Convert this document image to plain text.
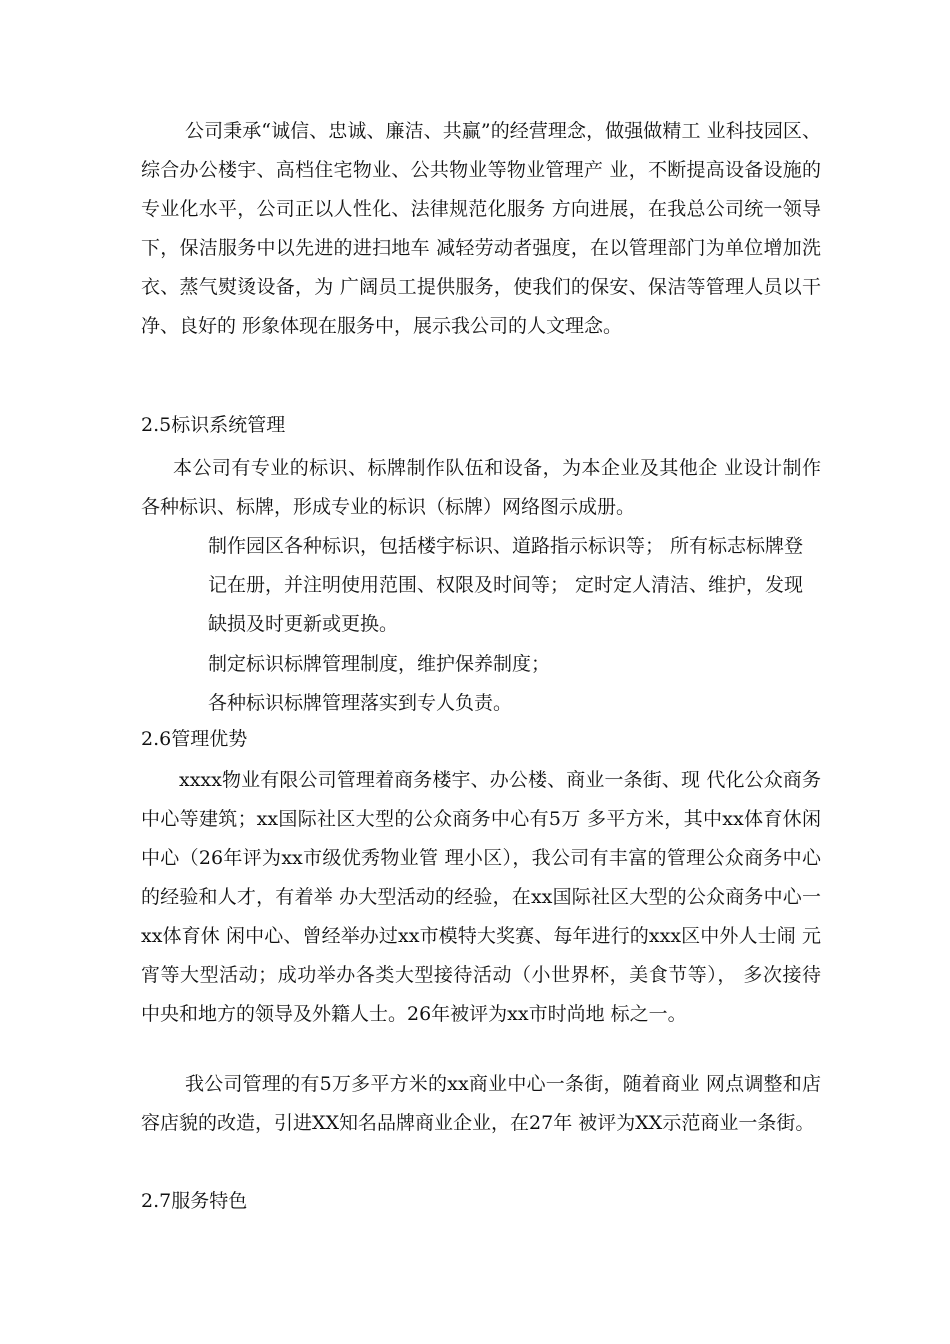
公司秉承“诚信、忠诚、廉洁、共赢”的经营理念，做强做精工 业科技园区、综合办公楼宇、高档住宅物业、公共物业等物业管理产 业，不断提高设备设施的专业化水平，公司正以人性化、法律规范化服务 方向进展，在我总公司统一领导下，保洁服务中以先进的进扫地车 减轻劳动者强度，在以管理部门为单位增加洗衣、蒸气熨烫设备，为 广阔员工提供服务，使我们的保安、保洁等管理人员以干净、良好的 形象体现在服务中，展示我公司的人文理念。

2.5标识系统管理

本公司有专业的标识、标牌制作队伍和设备，为本企业及其他企 业设计制作各种标识、标牌，形成专业的标识（标牌）网络图示成册。

制作园区各种标识，包括楼宇标识、道路指示标识等； 所有标志标牌登记在册，并注明使用范围、权限及时间等； 定时定人清洁、维护，发现缺损及时更新或更换。

制定标识标牌管理制度，维护保养制度；

各种标识标牌管理落实到专人负责。

2.6管理优势

xxxx物业有限公司管理着商务楼宇、办公楼、商业一条街、现 代化公众商务中心等建筑；xx国际社区大型的公众商务中心有5万 多平方米，其中xx体育休闲中心（26年评为xx市级优秀物业管 理小区），我公司有丰富的管理公众商务中心的经验和人才，有着举 办大型活动的经验，在xx国际社区大型的公众商务中心一xx体育休 闲中心、曾经举办过xx市模特大奖赛、每年进行的xxx区中外人士闹 元宵等大型活动；成功举办各类大型接待活动（小世界杯，美食节等）， 多次接待中央和地方的领导及外籍人士。26年被评为xx市时尚地 标之一。

我公司管理的有5万多平方米的xx商业中心一条街，随着商业 网点调整和店容店貌的改造，引进XX知名品牌商业企业，在27年 被评为XX示范商业一条街。

2.7服务特色
